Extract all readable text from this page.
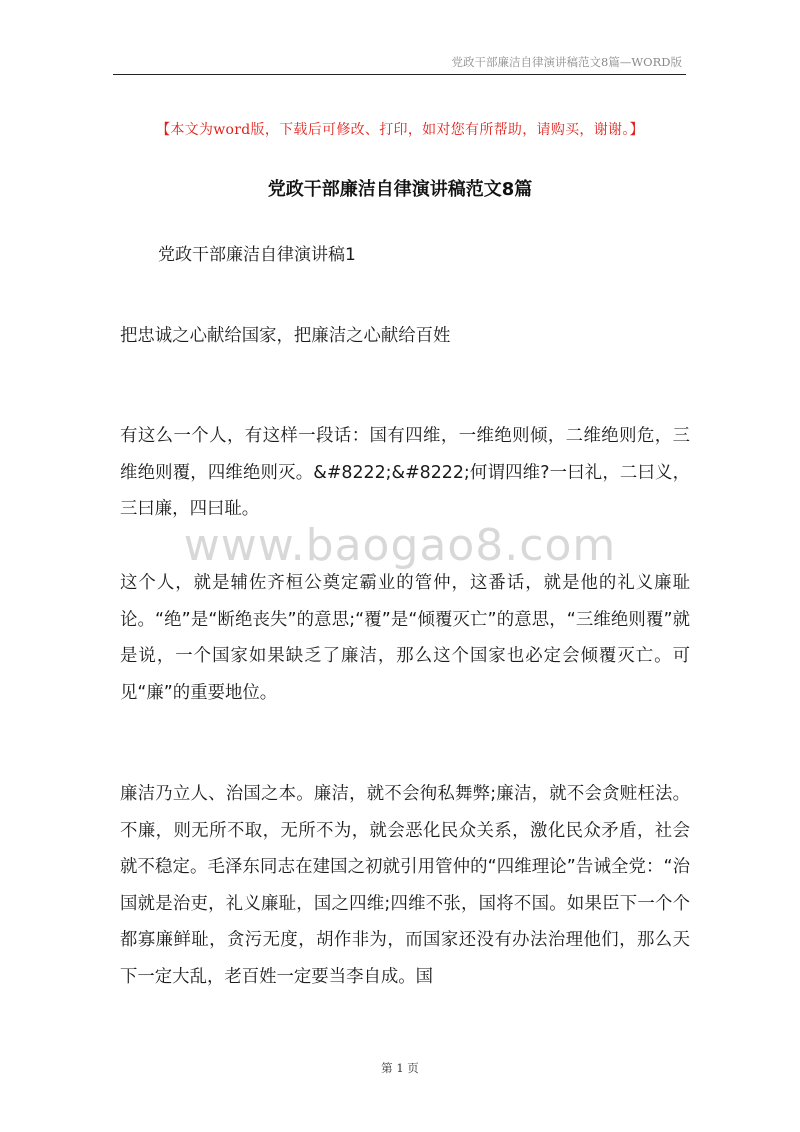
党政干部廉洁自律演讲稿范文8篇—WORD版
【本文为word版，下载后可修改、打印，如对您有所帮助，请购买，谢谢。】
党政干部廉洁自律演讲稿范文8篇
党政干部廉洁自律演讲稿1
www.baogao8.com

把忠诚之心献给国家，把廉洁之心献给百姓

有这么一个人，有这样一段话：国有四维，一维绝则倾，二维绝则危，三维绝则覆，四维绝则灭。&#8222;&#8222;何谓四维?一曰礼，二曰义，三曰廉，四曰耻。

这个人，就是辅佐齐桓公奠定霸业的管仲，这番话，就是他的礼义廉耻论。“绝”是“断绝丧失”的意思;“覆”是“倾覆灭亡”的意思，“三维绝则覆”就是说，一个国家如果缺乏了廉洁，那么这个国家也必定会倾覆灭亡。可见“廉”的重要地位。

廉洁乃立人、治国之本。廉洁，就不会徇私舞弊;廉洁，就不会贪赃枉法。不廉，则无所不取，无所不为，就会恶化民众关系，激化民众矛盾，社会就不稳定。毛泽东同志在建国之初就引用管仲的“四维理论”告诫全党：“治国就是治吏，礼义廉耻，国之四维;四维不张，国将不国。如果臣下一个个都寡廉鲜耻，贪污无度，胡作非为，而国家还没有办法治理他们，那么天下一定大乱，老百姓一定要当李自成。国

第 1 页
